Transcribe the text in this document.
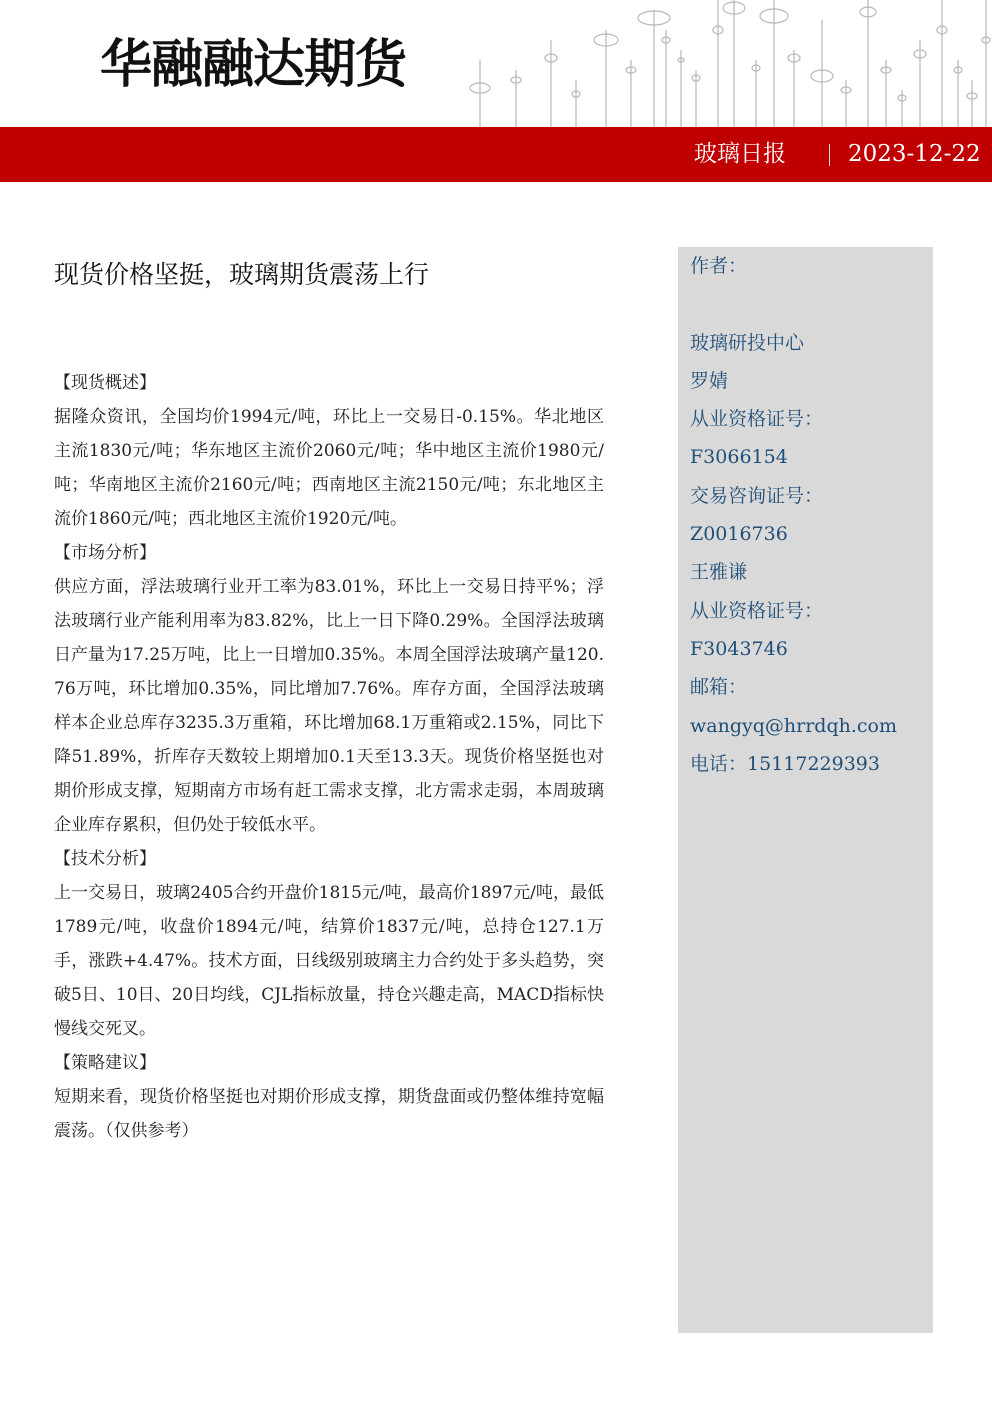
华融融达期货
玻璃日报	2023-12-22
现货价格坚挺，玻璃期货震荡上行
【现货概述】

据隆众资讯，全国均价1994元/吨，环比上一交易日-0.15%。华北地区主流1830元/吨；华东地区主流价2060元/吨；华中地区主流价1980元/吨；华南地区主流价2160元/吨；西南地区主流2150元/吨；东北地区主流价1860元/吨；西北地区主流价1920元/吨。

【市场分析】

供应方面，浮法玻璃行业开工率为83.01%，环比上一交易日持平%；浮法玻璃行业产能利用率为83.82%，比上一日下降0.29%。全国浮法玻璃日产量为17.25万吨，比上一日增加0.35%。本周全国浮法玻璃产量120.76万吨，环比增加0.35%，同比增加7.76%。库存方面，全国浮法玻璃样本企业总库存3235.3万重箱，环比增加68.1万重箱或2.15%，同比下降51.89%，折库存天数较上期增加0.1天至13.3天。现货价格坚挺也对期价形成支撑，短期南方市场有赶工需求支撑，北方需求走弱，本周玻璃企业库存累积，但仍处于较低水平。

【技术分析】

上一交易日，玻璃2405合约开盘价1815元/吨，最高价1897元/吨，最低1789元/吨，收盘价1894元/吨，结算价1837元/吨，总持仓127.1万手，涨跌+4.47%。技术方面，日线级别玻璃主力合约处于多头趋势，突破5日、10日、20日均线，CJL指标放量，持仓兴趣走高，MACD指标快慢线交死叉。

【策略建议】

短期来看，现货价格坚挺也对期价形成支撑，期货盘面或仍整体维持宽幅震荡。（仅供参考）

作者：

玻璃研投中心
罗婧
从业资格证号：
F3066154
交易咨询证号：
Z0016736
王雅谦
从业资格证号：
F3043746
邮箱：
wangyq@hrrdqh.com
电话：15117229393
